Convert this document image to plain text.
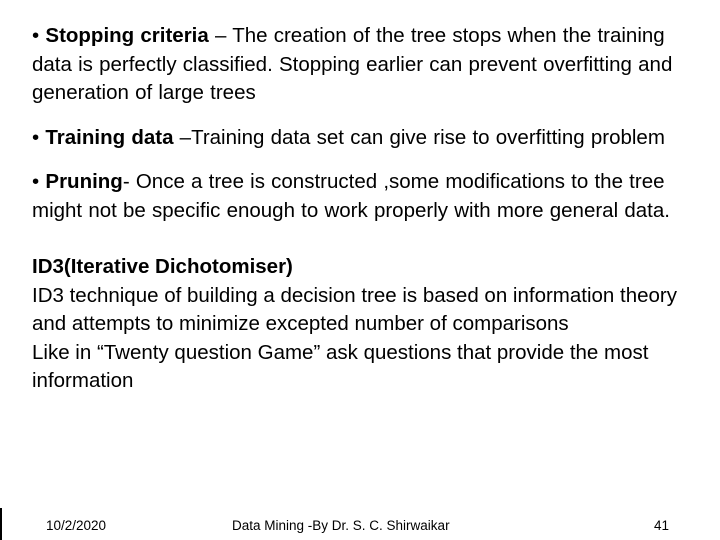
• Stopping criteria – The creation of the tree stops when the training data is perfectly classified. Stopping earlier can prevent overfitting and generation of large trees

• Training data –Training data set can give rise to overfitting problem

• Pruning- Once a tree is constructed ,some modifications to the tree might not be specific enough to work properly with more general data.

ID3(Iterative Dichotomiser)
ID3 technique of building a decision tree is based on information theory and attempts to minimize excepted number of comparisons
Like in “Twenty question Game” ask questions that provide the most information
10/2/2020	Data Mining -By Dr. S. C. Shirwaikar	41
